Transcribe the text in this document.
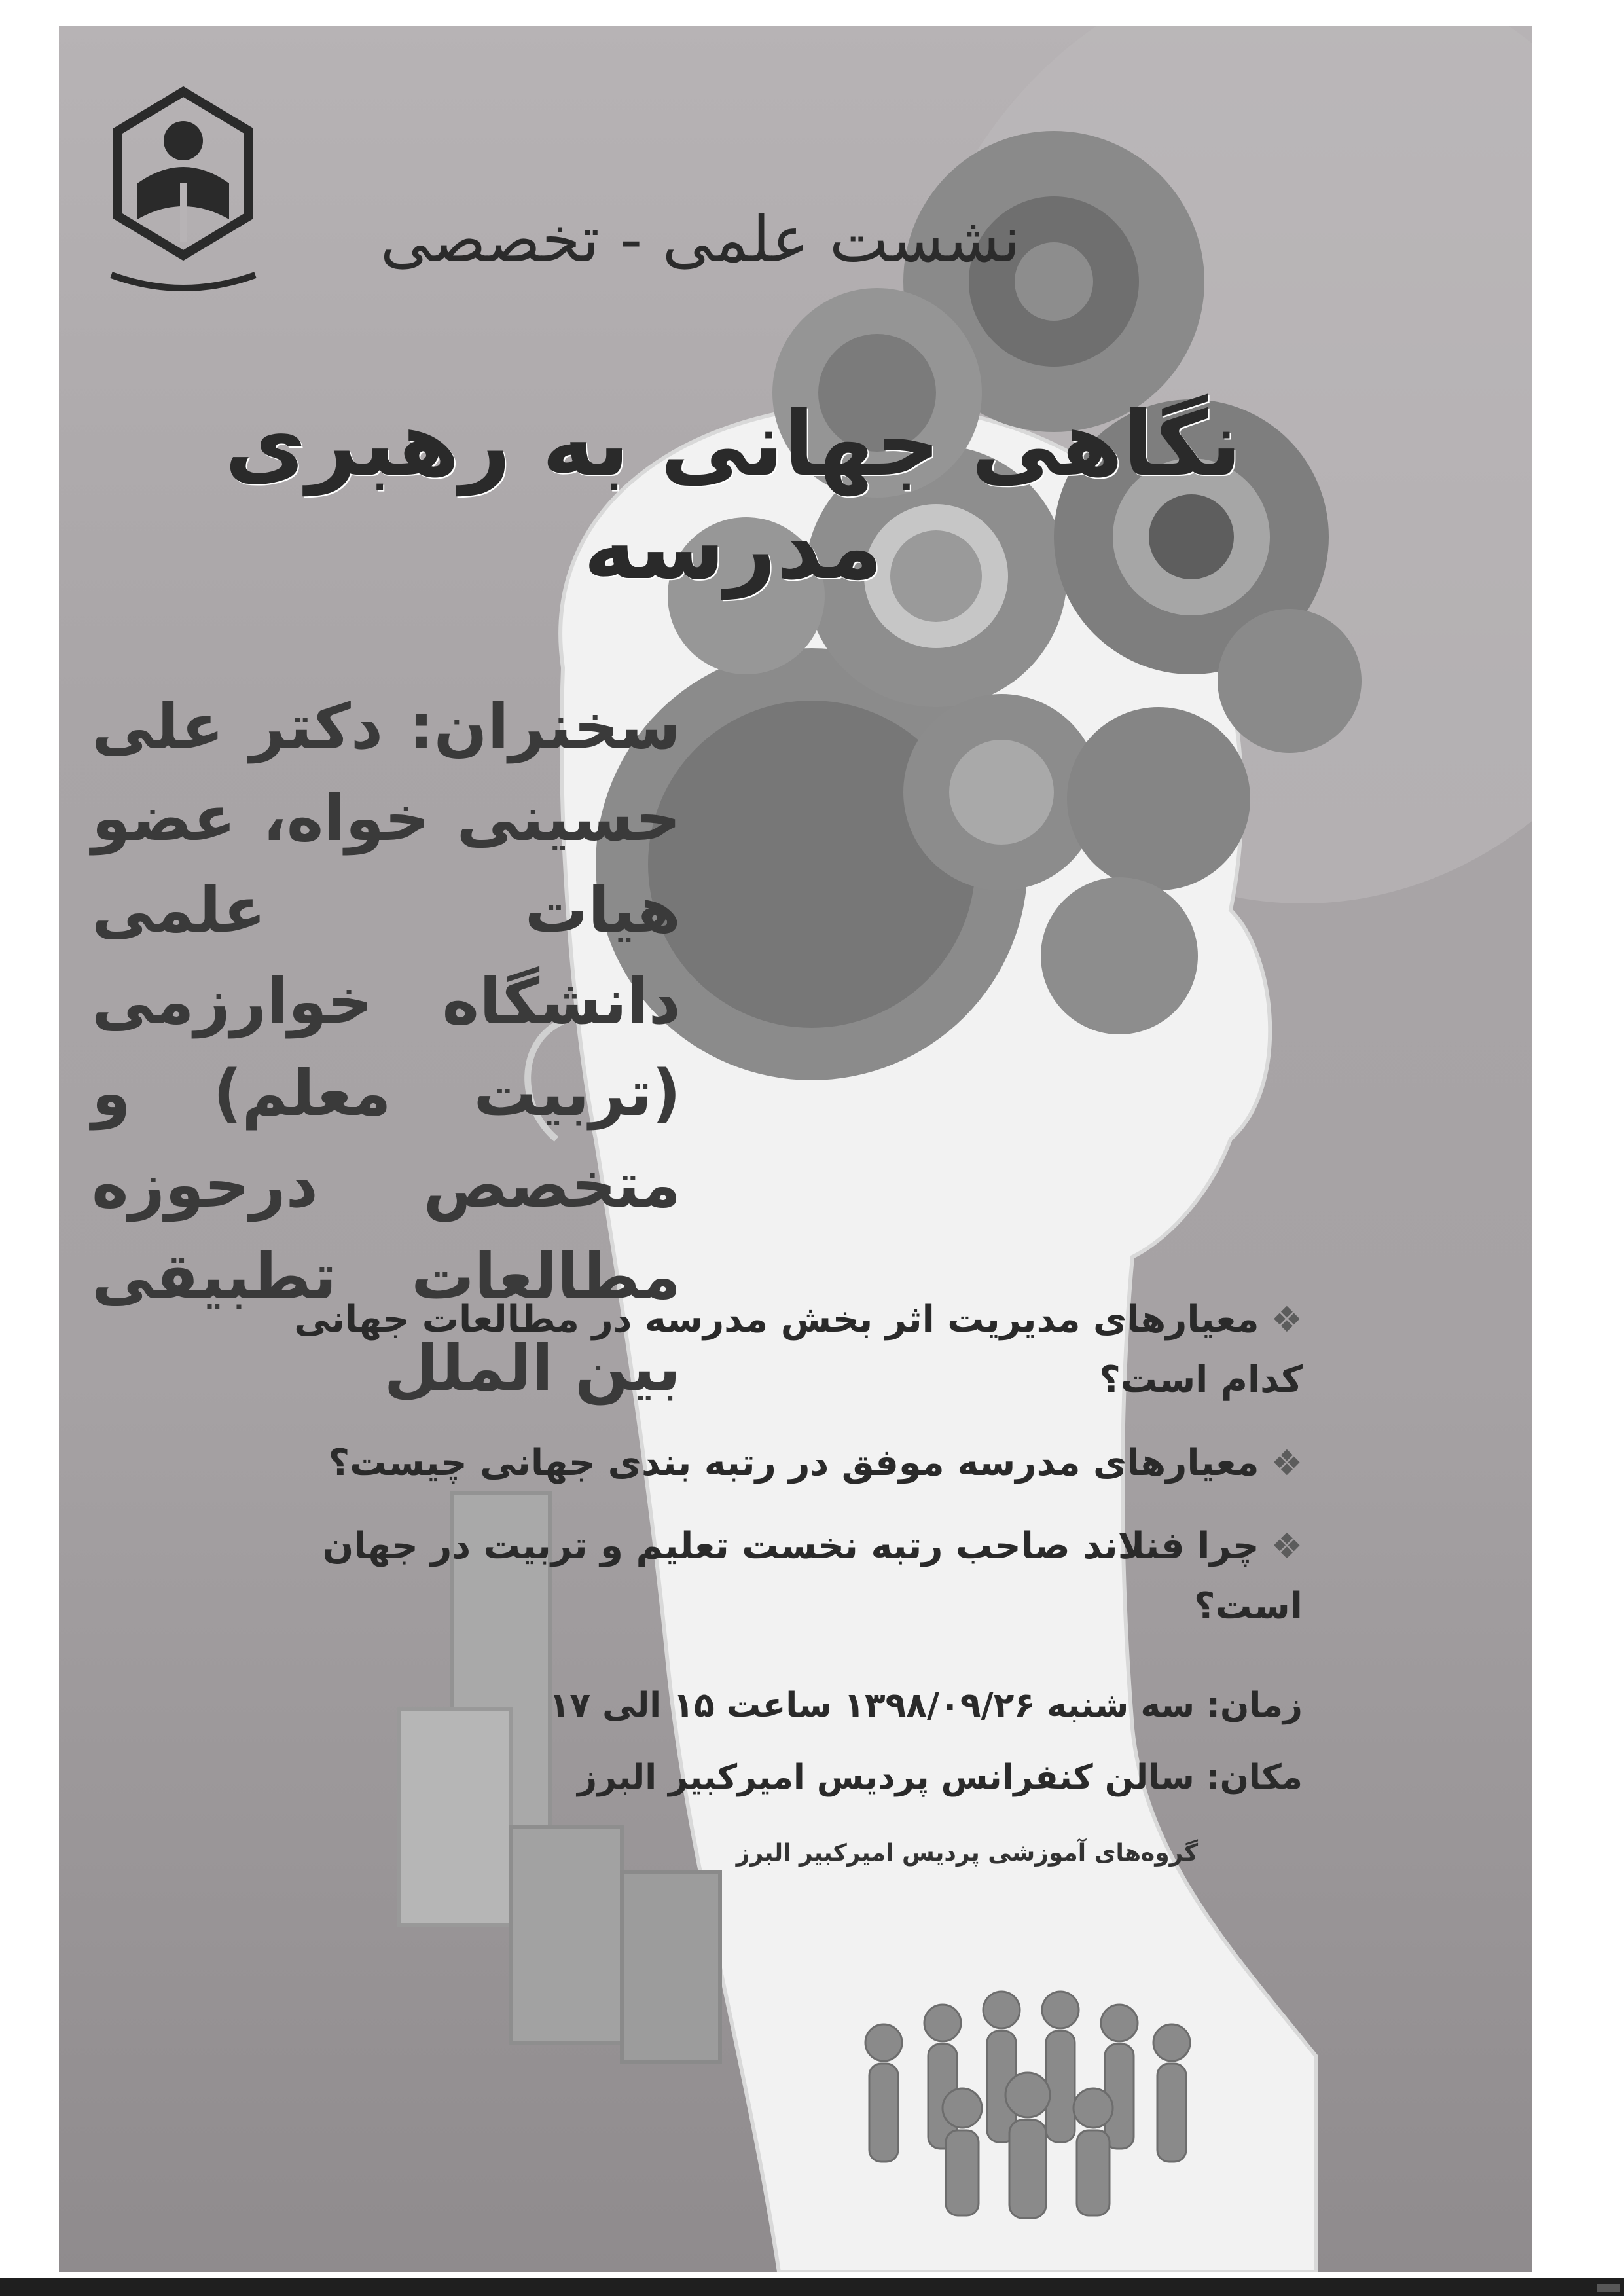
نشست علمی - تخصصی
نگاهی جهانی به رهبری مدرسه
سخنران: دکتر علی حسینی خواه، عضو هیات علمی دانشگاه خوارزمی (تربیت معلم) و متخصص درحوزه مطالعات تطبیقی بین الملل
❖معیارهای مدیریت اثر بخش مدرسه در مطالعات جهانی کدام است؟
❖معیارهای مدرسه موفق در رتبه بندی جهانی چیست؟
❖چرا فنلاند صاحب رتبه نخست تعلیم و تربیت در جهان است؟
زمان: سه شنبه ۱۳۹۸/۰۹/۲۶ ساعت ۱۵ الی ۱۷
مکان: سالن کنفرانس پردیس امیرکبیر البرز
گروه‌های آموزشی پردیس امیرکبیر البرز
